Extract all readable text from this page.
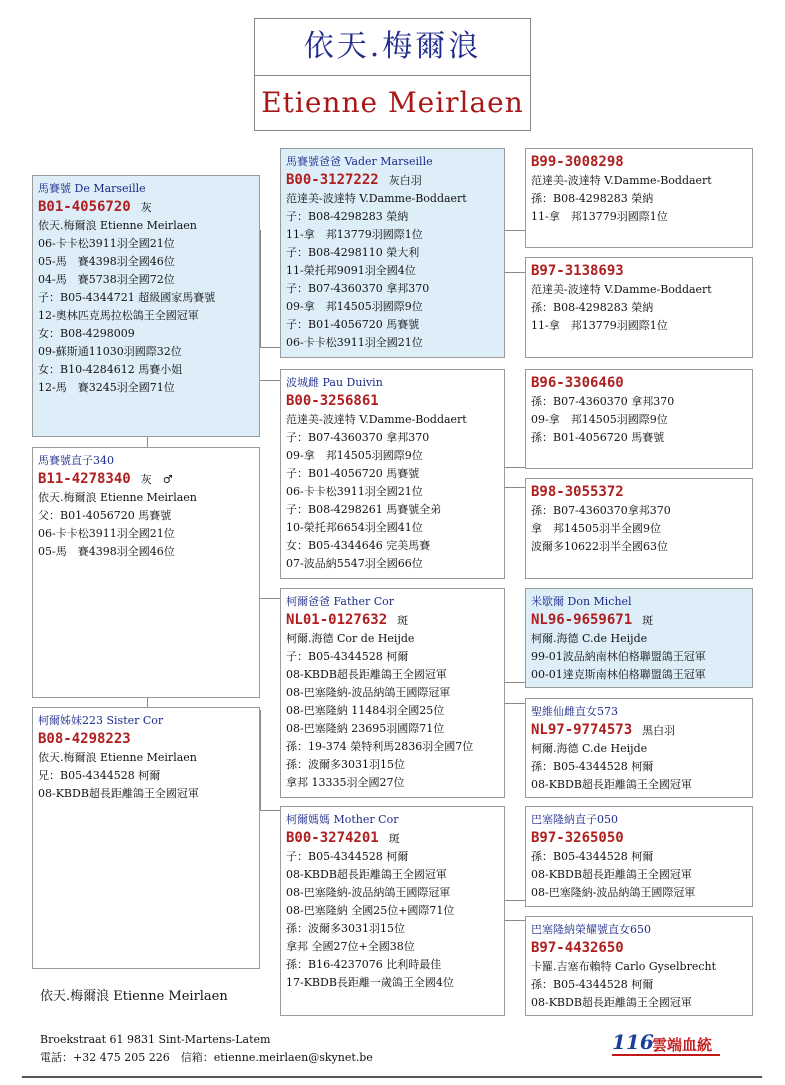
依天.梅爾浪
Etienne Meirlaen
馬賽號 De Marseille
B01-4056720 灰
依天.梅爾浪 Etienne Meirlaen
06-卡卡松3911羽全國21位
05-馬　賽4398羽全國46位
04-馬　賽5738羽全國72位
子：B05-4344721 超級國家馬賽號
12-奧林匹克馬拉松鴿王全國冠軍
女：B08-4298009
09-蘇斯通11030羽國際32位
女：B10-4284612 馬賽小姐
12-馬　賽3245羽全國71位
馬賽號直子340
B11-4278340 灰　♂
依天.梅爾浪 Etienne Meirlaen
父：B01-4056720 馬賽號
06-卡卡松3911羽全國21位
05-馬　賽4398羽全國46位
柯爾姊妹223 Sister Cor
B08-4298223
依天.梅爾浪 Etienne Meirlaen
兄：B05-4344528 柯爾
08-KBDB超長距離鴿王全國冠軍
馬賽號爸爸 Vader Marseille
B00-3127222 灰白羽
范達美-波達特 V.Damme-Boddaert
子：B08-4298283 榮納
11-拿　邦13779羽國際1位
子：B08-4298110 榮大利
11-榮托邦9091羽全國4位
子：B07-4360370 拿邦370
09-拿　邦14505羽國際9位
子：B01-4056720 馬賽號
06-卡卡松3911羽全國21位
波城雌 Pau Duivin
B00-3256861
范達美-波達特 V.Damme-Boddaert
子：B07-4360370 拿邦370
09-拿　邦14505羽國際9位
子：B01-4056720 馬賽號
06-卡卡松3911羽全國21位
子：B08-4298261 馬賽號全弟
10-榮托邦6654羽全國41位
女：B05-4344646 完美馬賽
07-波品納5547羽全國66位
柯爾爸爸 Father Cor
NL01-0127632 斑
柯爾.海德 Cor de Heijde
子：B05-4344528 柯爾
08-KBDB超長距離鴿王全國冠軍
08-巴塞隆納-波品納鴿王國際冠軍
08-巴塞隆納 11484羽全國25位
08-巴塞隆納 23695羽國際71位
孫：19-374 榮特利馬2836羽全國7位
孫：波爾多3031羽15位
拿邦 13335羽全國27位
柯爾媽媽 Mother Cor
B00-3274201 斑
子：B05-4344528 柯爾
08-KBDB超長距離鴿王全國冠軍
08-巴塞隆納-波品納鴿王國際冠軍
08-巴塞隆納 全國25位+國際71位
孫：波爾多3031羽15位
拿邦 全國27位+全國38位
孫：B16-4237076 比利時最佳
17-KBDB長距離一歲鴿王全國4位
B99-3008298
范達美-波達特 V.Damme-Boddaert
孫：B08-4298283 榮納
11-拿　邦13779羽國際1位
B97-3138693
范達美-波達特 V.Damme-Boddaert
孫：B08-4298283 榮納
11-拿　邦13779羽國際1位
B96-3306460
孫：B07-4360370 拿邦370
09-拿　邦14505羽國際9位
孫：B01-4056720 馬賽號
B98-3055372
孫：B07-4360370拿邦370
拿　邦14505羽半全國9位
波爾多10622羽半全國63位
米歇爾 Don Michel
NL96-9659671 斑
柯爾.海德 C.de Heijde
99-01波品納南林伯格聯盟鴿王冠軍
00-01達克斯南林伯格聯盟鴿王冠軍
聖維仙雌直女573
NL97-9774573 黑白羽
柯爾.海德 C.de Heijde
孫：B05-4344528 柯爾
08-KBDB超長距離鴿王全國冠軍
巴塞隆納直子050
B97-3265050
孫：B05-4344528 柯爾
08-KBDB超長距離鴿王全國冠軍
08-巴塞隆納-波品納鴿王國際冠軍
巴塞隆納榮耀號直女650
B97-4432650
卡羅.吉塞布賴特 Carlo Gyselbrecht
孫：B05-4344528 柯爾
08-KBDB超長距離鴿王全國冠軍
依天.梅爾浪 Etienne Meirlaen
Broekstraat 61 9831 Sint-Martens-Latem
電話：+32 475 205 226　信箱：etienne.meirlaen@skynet.be
116
雲端血統
